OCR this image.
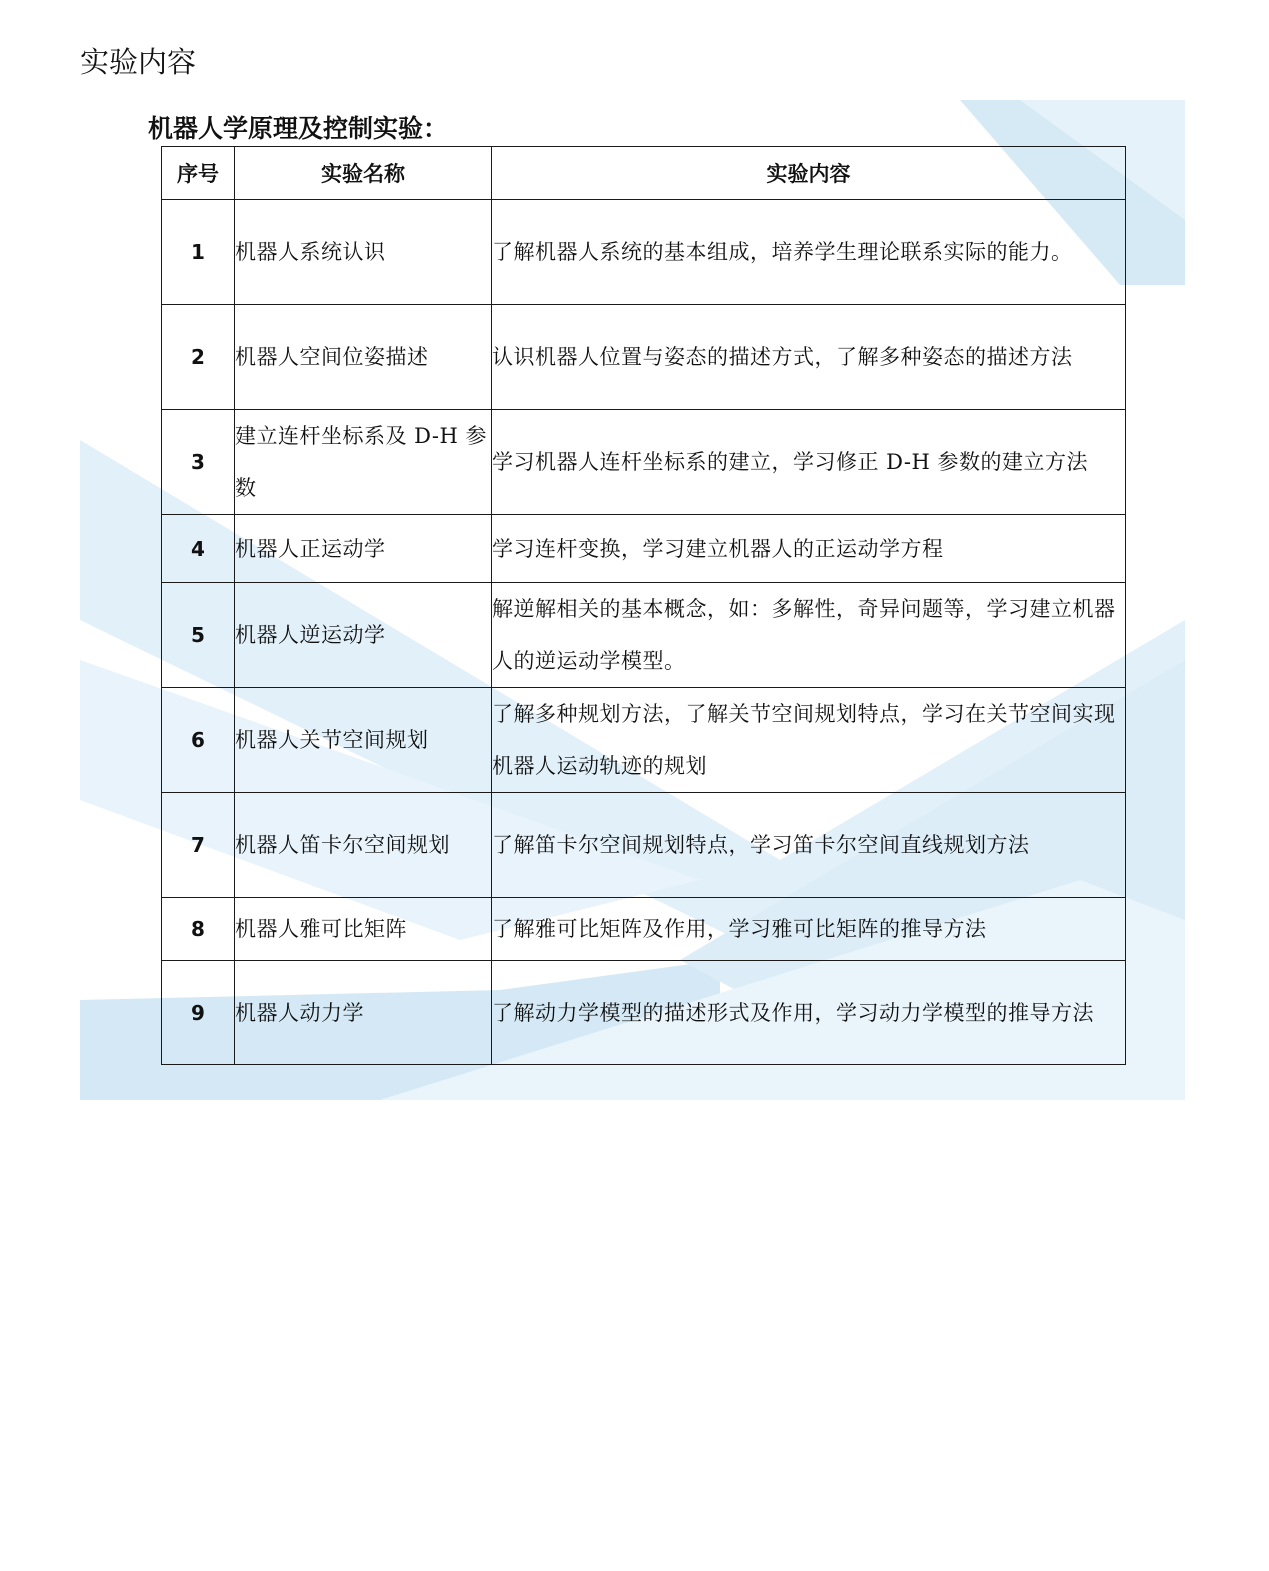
实验内容
机器人学原理及控制实验：
序号	实验名称	实验内容
1	机器人系统认识	了解机器人系统的基本组成，培养学生理论联系实际的能力。
2	机器人空间位姿描述	认识机器人位置与姿态的描述方式，了解多种姿态的描述方法
3	建立连杆坐标系及 D-H 参数	学习机器人连杆坐标系的建立，学习修正 D-H 参数的建立方法
4	机器人正运动学	学习连杆变换，学习建立机器人的正运动学方程
5	机器人逆运动学	解逆解相关的基本概念，如：多解性，奇异问题等，学习建立机器人的逆运动学模型。
6	机器人关节空间规划	了解多种规划方法，了解关节空间规划特点，学习在关节空间实现机器人运动轨迹的规划
7	机器人笛卡尔空间规划	了解笛卡尔空间规划特点，学习笛卡尔空间直线规划方法
8	机器人雅可比矩阵	了解雅可比矩阵及作用，学习雅可比矩阵的推导方法
9	机器人动力学	了解动力学模型的描述形式及作用，学习动力学模型的推导方法
